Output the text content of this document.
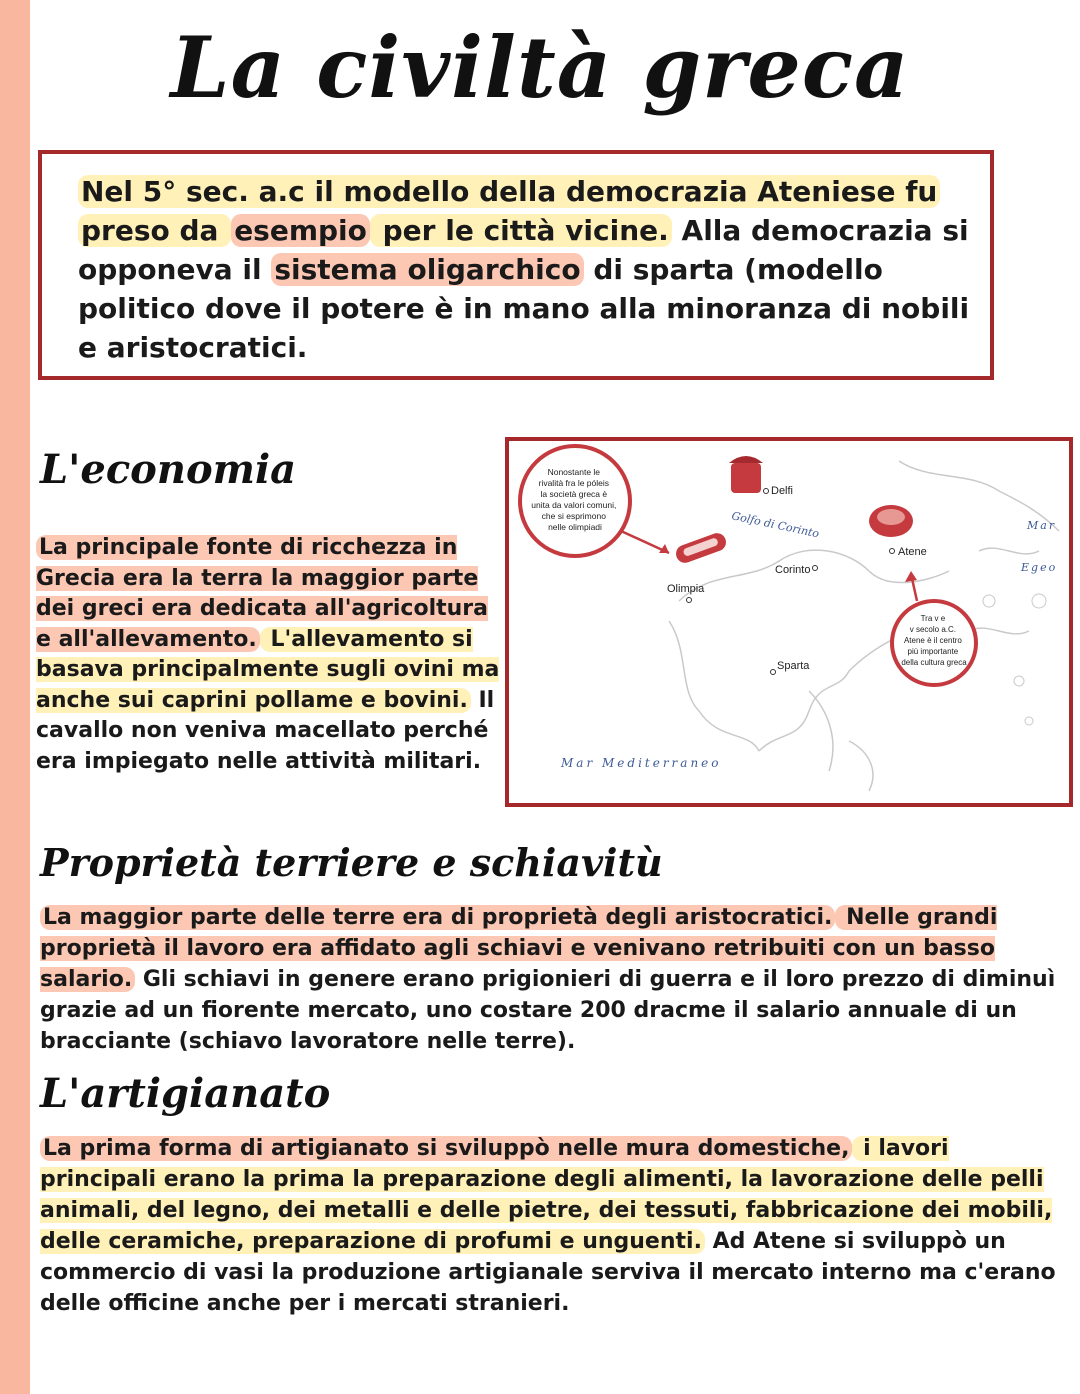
La civiltà greca
Nel 5° sec. a.c il modello della democrazia Ateniese fu preso da esempio per le città vicine. Alla democrazia si opponeva il sistema oligarchico di sparta (modello politico dove il potere è in mano alla minoranza di nobili e aristocratici.
L'economia
La principale fonte di ricchezza in Grecia era la terra la maggior parte dei greci era dedicata all'agricoltura e all'allevamento. L'allevamento si basava principalmente sugli ovini ma anche sui caprini pollame e bovini. Il cavallo non veniva macellato perché era impiegato nelle attività militari.
Nonostante le rivalità fra le póleis la società greca è unita da valori comuni, che si esprimono nelle olimpiadi
Olimpia
Delfi
Golfo di Corinto
Atene
Corinto
Sparta
Tra v e v secolo a.C. Atene è il centro più importante della cultura greca
Mar
Egeo
Mar Mediterraneo
Proprietà terriere e schiavitù
La maggior parte delle terre era di proprietà degli aristocratici. Nelle grandi proprietà il lavoro era affidato agli schiavi e venivano retribuiti con un basso salario. Gli schiavi in genere erano prigionieri di guerra e il loro prezzo di diminuì grazie ad un fiorente mercato, uno costare 200 dracme il salario annuale di un bracciante (schiavo lavoratore nelle terre).
L'artigianato
La prima forma di artigianato si sviluppò nelle mura domestiche, i lavori principali erano la prima la preparazione degli alimenti, la lavorazione delle pelli animali, del legno, dei metalli e delle pietre, dei tessuti, fabbricazione dei mobili, delle ceramiche, preparazione di profumi e unguenti. Ad Atene si sviluppò un commercio di vasi la produzione artigianale serviva il mercato interno ma c'erano delle officine anche per i mercati stranieri.
